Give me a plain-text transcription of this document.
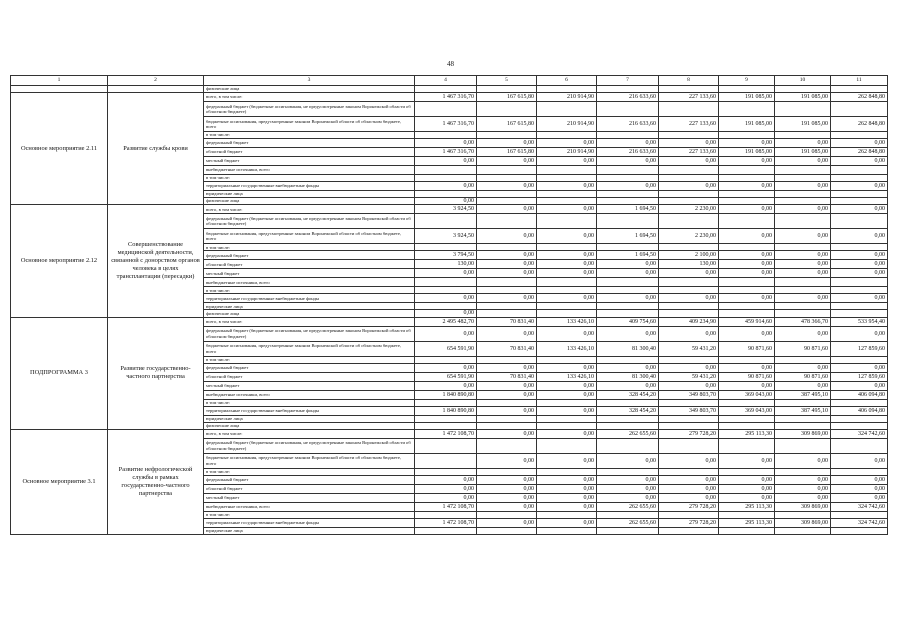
48
1	2	3	4	5	6	7	8	9	10	11
		физические лица								
Основное мероприятие 2.11	Развитие службы крови	всего, в том числе:	1 467 316,70	167 615,80	210 914,90	216 633,60	227 133,60	191 085,00	191 085,00	262 848,80
		федеральный бюджет (бюджетные ассигнования, не предусмотренные законом Воронежской области об областном бюджете)								
		бюджетные ассигнования, предусмотренные законом Воронежской области об областном бюджете, всего	1 467 316,70	167 615,80	210 914,90	216 633,60	227 133,60	191 085,00	191 085,00	262 848,80
		в том числе:								
		федеральный бюджет	0,00	0,00	0,00	0,00	0,00	0,00	0,00	0,00
		областной бюджет	1 467 316,70	167 615,80	210 914,90	216 633,60	227 133,60	191 085,00	191 085,00	262 848,80
		местный бюджет	0,00	0,00	0,00	0,00	0,00	0,00	0,00	0,00
		внебюджетные источники, всего								
		в том числе:								
		территориальные государственные внебюджетные фонды	0,00	0,00	0,00	0,00	0,00	0,00	0,00	0,00
		юридические лица								
		физические лица	0,00							
Основное мероприятие 2.12	Совершенствование медицинской деятельности, связанной с донорством органов человека в целях трансплантации (пересадки)	всего, в том числе:	3 924,50	0,00	0,00	1 694,50	2 230,00	0,00	0,00	0,00
		федеральный бюджет (бюджетные ассигнования, не предусмотренные законом Воронежской области об областном бюджете)								
		бюджетные ассигнования, предусмотренные законом Воронежской области об областном бюджете, всего	3 924,50	0,00	0,00	1 694,50	2 230,00	0,00	0,00	0,00
		в том числе:								
		федеральный бюджет	3 794,50	0,00	0,00	1 694,50	2 100,00	0,00	0,00	0,00
		областной бюджет	130,00	0,00	0,00	0,00	130,00	0,00	0,00	0,00
		местный бюджет	0,00	0,00	0,00	0,00	0,00	0,00	0,00	0,00
		внебюджетные источники, всего								
		в том числе:								
		территориальные государственные внебюджетные фонды	0,00	0,00	0,00	0,00	0,00	0,00	0,00	0,00
		юридические лица								
		физические лица	0,00							
ПОДПРОГРАММА 3	Развитие государственно-частного партнерства	всего, в том числе:	2 495 482,70	70 831,40	133 426,10	409 754,60	409 234,90	459 914,60	478 366,70	533 954,40
		федеральный бюджет (бюджетные ассигнования, не предусмотренные законом Воронежской области об областном бюджете)	0,00	0,00	0,00	0,00	0,00	0,00	0,00	0,00
		бюджетные ассигнования, предусмотренные законом Воронежской области об областном бюджете, всего	654 591,90	70 831,40	133 426,10	81 300,40	59 431,20	90 871,60	90 871,60	127 859,60
		в том числе:								
		федеральный бюджет	0,00	0,00	0,00	0,00	0,00	0,00	0,00	0,00
		областной бюджет	654 591,90	70 831,40	133 426,10	81 300,40	59 431,20	90 871,60	90 871,60	127 859,60
		местный бюджет	0,00	0,00	0,00	0,00	0,00	0,00	0,00	0,00
		внебюджетные источники, всего	1 840 890,80	0,00	0,00	328 454,20	349 803,70	369 043,00	387 495,10	406 094,80
		в том числе:								
		территориальные государственные внебюджетные фонды	1 840 890,80	0,00	0,00	328 454,20	349 803,70	369 043,00	387 495,10	406 094,80
		юридические лица								
		физические лица								
Основное мероприятие 3.1	Развитие нефрологической службы в рамках государственно-частного партнерства	всего, в том числе:	1 472 108,70	0,00	0,00	262 655,60	279 728,20	295 113,30	309 869,00	324 742,60
		федеральный бюджет (бюджетные ассигнования, не предусмотренные законом Воронежской области об областном бюджете)								
		бюджетные ассигнования, предусмотренные законом Воронежской области об областном бюджете, всего		0,00	0,00	0,00	0,00	0,00	0,00	0,00
		в том числе:								
		федеральный бюджет	0,00	0,00	0,00	0,00	0,00	0,00	0,00	0,00
		областной бюджет	0,00	0,00	0,00	0,00	0,00	0,00	0,00	0,00
		местный бюджет	0,00	0,00	0,00	0,00	0,00	0,00	0,00	0,00
		внебюджетные источники, всего	1 472 108,70	0,00	0,00	262 655,60	279 728,20	295 113,30	309 869,00	324 742,60
		в том числе:								
		территориальные государственные внебюджетные фонды	1 472 108,70	0,00	0,00	262 655,60	279 728,20	295 113,30	309 869,00	324 742,60
		юридические лица								
